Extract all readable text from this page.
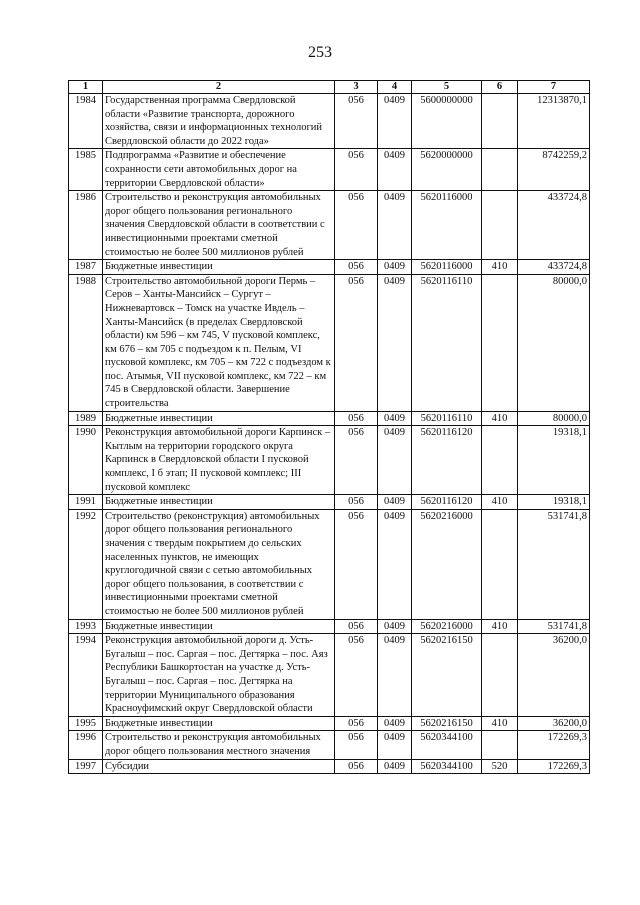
253
1	2	3	4	5	6	7
1984	Государственная программа Свердловской области «Развитие транспорта, дорожного хозяйства, связи и информационных технологий Свердловской области до 2022 года»	056	0409	5600000000		12313870,1
1985	Подпрограмма «Развитие и обеспечение сохранности сети автомобильных дорог на территории Свердловской области»	056	0409	5620000000		8742259,2
1986	Строительство и реконструкция автомобильных дорог общего пользования регионального значения Свердловской области в соответствии с инвестиционными проектами сметной стоимостью не более 500 миллионов рублей	056	0409	5620116000		433724,8
1987	Бюджетные инвестиции	056	0409	5620116000	410	433724,8
1988	Строительство автомобильной дороги Пермь – Серов – Ханты-Мансийск – Сургут – Нижневартовск – Томск на участке Ивдель – Ханты-Мансийск (в пределах Свердловской области) км 596 – км 745, V пусковой комплекс, км 676 – км 705 с подъездом к п. Пелым, VI пусковой комплекс, км 705 – км 722 с подъездом к пос. Атымья, VII пусковой комплекс, км 722 – км 745 в Свердловской области. Завершение строительства	056	0409	5620116110		80000,0
1989	Бюджетные инвестиции	056	0409	5620116110	410	80000,0
1990	Реконструкция автомобильной дороги Карпинск – Кытлым на территории городского округа Карпинск в Свердловской области I пусковой комплекс, I б этап; II пусковой комплекс; III пусковой комплекс	056	0409	5620116120		19318,1
1991	Бюджетные инвестиции	056	0409	5620116120	410	19318,1
1992	Строительство (реконструкция) автомобильных дорог общего пользования регионального значения с твердым покрытием до сельских населенных пунктов, не имеющих круглогодичной связи с сетью автомобильных дорог общего пользования, в соответствии с инвестиционными проектами сметной стоимостью не более 500 миллионов рублей	056	0409	5620216000		531741,8
1993	Бюджетные инвестиции	056	0409	5620216000	410	531741,8
1994	Реконструкция автомобильной дороги д. Усть-Бугалыш – пос. Саргая – пос. Дегтярка – пос. Аяз Республики Башкортостан на участке д. Усть-Бугалыш – пос. Саргая – пос. Дегтярка на территории Муниципального образования Красноуфимский округ Свердловской области	056	0409	5620216150		36200,0
1995	Бюджетные инвестиции	056	0409	5620216150	410	36200,0
1996	Строительство и реконструкция автомобильных дорог общего пользования местного значения	056	0409	5620344100		172269,3
1997	Субсидии	056	0409	5620344100	520	172269,3
